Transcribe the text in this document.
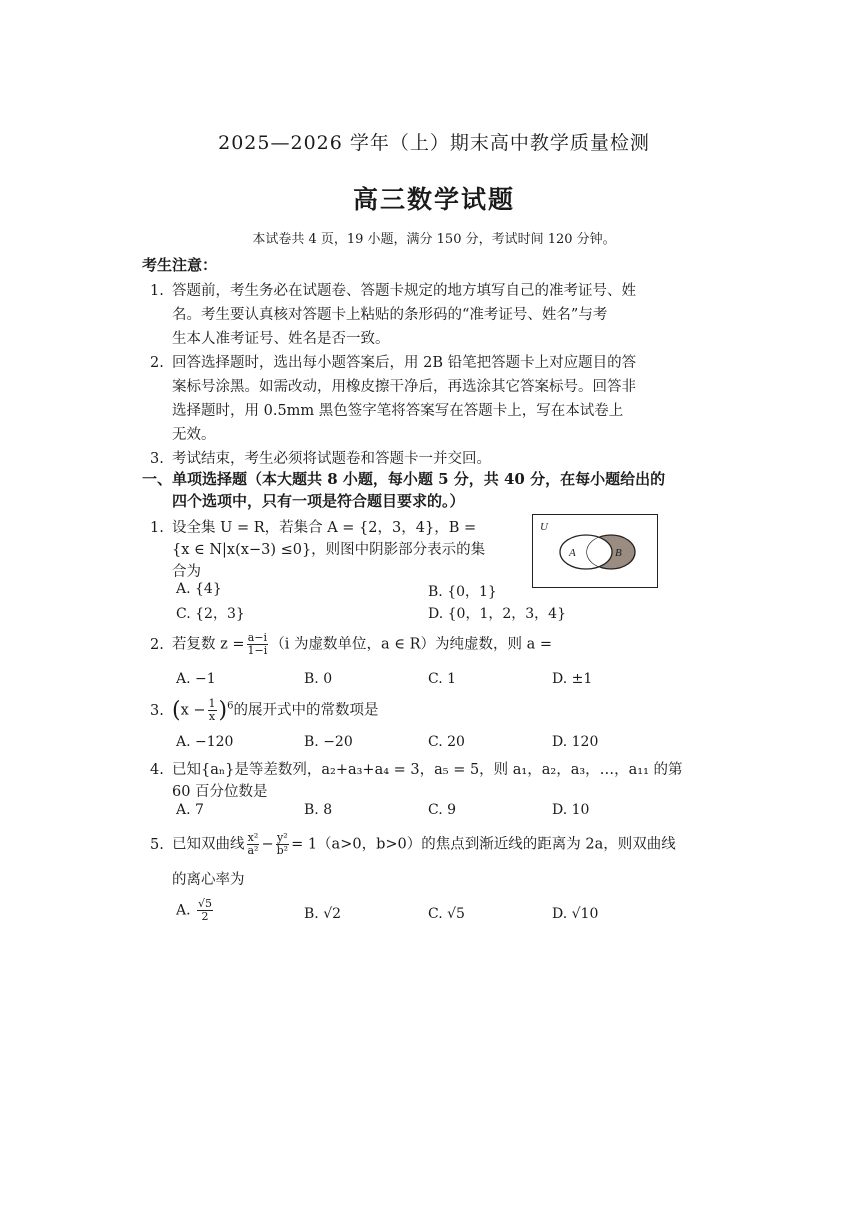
2025—2026 学年（上）期末高中教学质量检测
高三数学试题
本试卷共 4 页，19 小题，满分 150 分，考试时间 120 分钟。
考生注意：
1. 答题前，考生务必在试题卷、答题卡规定的地方填写自己的准考证号、姓
名。考生要认真核对答题卡上粘贴的条形码的“准考证号、姓名”与考
生本人准考证号、姓名是否一致。
2. 回答选择题时，选出每小题答案后，用 2B 铅笔把答题卡上对应题目的答
案标号涂黑。如需改动，用橡皮擦干净后，再选涂其它答案标号。回答非
选择题时，用 0.5mm 黑色签字笔将答案写在答题卡上，写在本试卷上
无效。
3. 考试结束，考生必须将试题卷和答题卡一并交回。
一、单项选择题（本大题共 8 小题，每小题 5 分，共 40 分，在每小题给出的
四个选项中，只有一项是符合题目要求的。）
1. 设全集 U = R，若集合 A = {2，3，4}，B =
{x ∈ N|x(x−3) ≤0}，则图中阴影部分表示的集
合为
U
A	B
A. {4}	B. {0，1}
C. {2，3}	D. {0，1，2，3，4}
2. 若复数 $z = \frac{a-i}{1-i} (i$ 为虚数单位，a ∈ R）为纯虚数，则 a =
A. −1	B. 0	C. 1	D. ±1
3. $(x - \frac{1}{x} )^6$的展开式中的常数项是
A. −120	B. −20	C. 20	D. 120
4. 已知{aₙ}是等差数列，a₂+a₃+a₄ = 3，a₅ = 5，则 a₁，a₂，a₃，…，a₁₁ 的第
60 百分位数是
A. 7	B. 8	C. 9	D. 10
5. 已知双曲线 $\frac{\text{x²}}{\text{a²}} - \frac{\text{y²}}{\text{b²}} = 1(a>0$，b>0）的焦点到渐近线的距离为 2a，则双曲线
的离心率为
A. $\frac{√5}{2}$	B. √2	C. √5	D. √10
